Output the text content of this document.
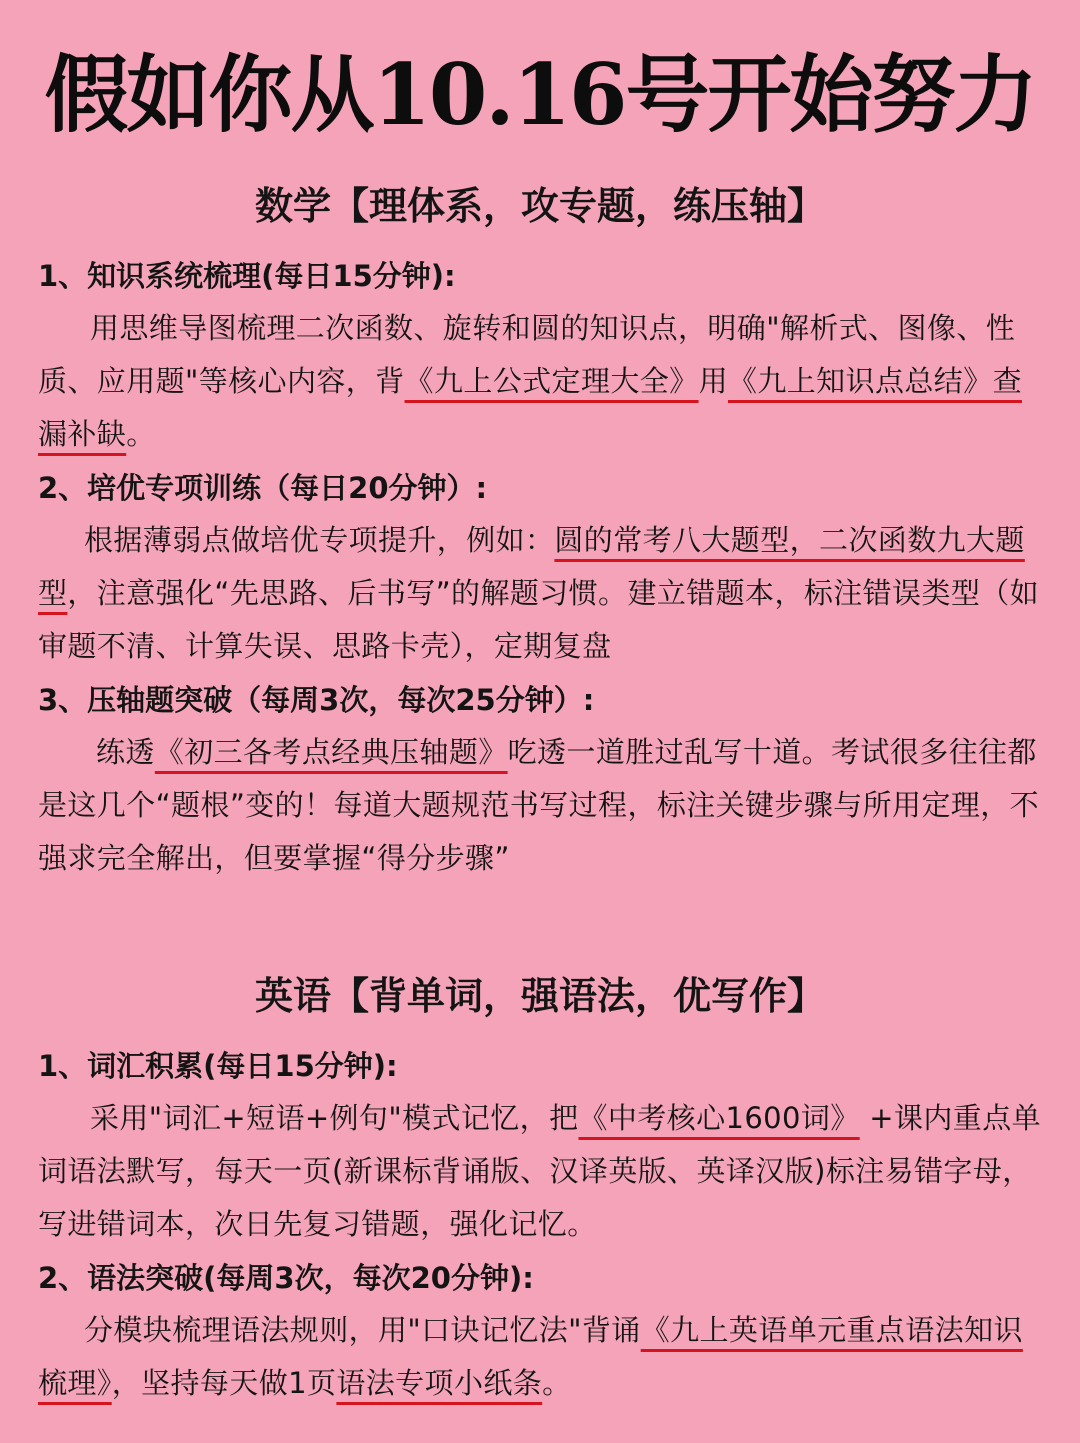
假如你从10.16号开始努力
数学【理体系，攻专题，练压轴】
1、知识系统梳理(每日15分钟):
用思维导图梳理二次函数、旋转和圆的知识点，明确"解析式、图像、性质、应用题"等核心内容，背《九上公式定理大全》用《九上知识点总结》查漏补缺。
2、培优专项训练（每日20分钟）:
根据薄弱点做培优专项提升，例如：圆的常考八大题型，二次函数九大题型，注意强化“先思路、后书写”的解题习惯。建立错题本，标注错误类型（如审题不清、计算失误、思路卡壳），定期复盘
3、压轴题突破（每周3次，每次25分钟）:
练透《初三各考点经典压轴题》吃透一道胜过乱写十道。考试很多往往都是这几个“题根”变的！每道大题规范书写过程，标注关键步骤与所用定理，不强求完全解出，但要掌握“得分步骤”
英语【背单词，强语法，优写作】
1、词汇积累(每日15分钟):
采用"词汇+短语+例句"模式记忆，把《中考核心1600词》 +课内重点单词语法默写，每天一页(新课标背诵版、汉译英版、英译汉版)标注易错字母，写进错词本，次日先复习错题，强化记忆。
2、语法突破(每周3次，每次20分钟):
分模块梳理语法规则，用"口诀记忆法"背诵《九上英语单元重点语法知识梳理》，坚持每天做1页语法专项小纸条。
